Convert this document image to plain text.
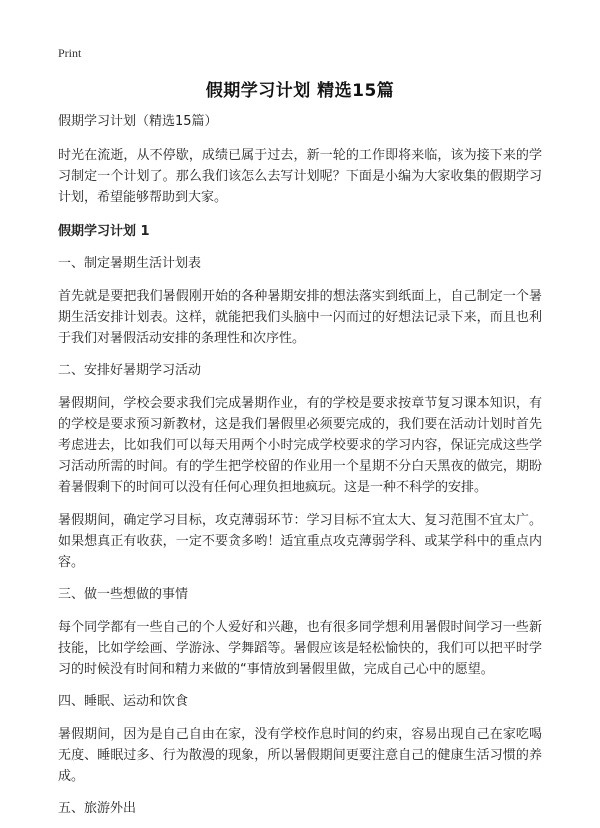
Print
假期学习计划 精选15篇
假期学习计划（精选15篇）
时光在流逝，从不停歇，成绩已属于过去，新一轮的工作即将来临，该为接下来的学习制定一个计划了。那么我们该怎么去写计划呢？下面是小编为大家收集的假期学习计划，希望能够帮助到大家。
假期学习计划 1
一、制定暑期生活计划表
首先就是要把我们暑假刚开始的各种暑期安排的想法落实到纸面上，自己制定一个暑期生活安排计划表。这样，就能把我们头脑中一闪而过的好想法记录下来，而且也利于我们对暑假活动安排的条理性和次序性。
二、安排好暑期学习活动
暑假期间，学校会要求我们完成暑期作业，有的学校是要求按章节复习课本知识，有的学校是要求预习新教材，这是我们暑假里必须要完成的，我们要在活动计划时首先考虑进去，比如我们可以每天用两个小时完成学校要求的学习内容，保证完成这些学习活动所需的时间。有的学生把学校留的作业用一个星期不分白天黑夜的做完，期盼着暑假剩下的时间可以没有任何心理负担地疯玩。这是一种不科学的安排。
暑假期间，确定学习目标，攻克薄弱环节：学习目标不宜太大、复习范围不宜太广。如果想真正有收获，一定不要贪多哟！适宜重点攻克薄弱学科、或某学科中的重点内容。
三、做一些想做的事情
每个同学都有一些自己的个人爱好和兴趣，也有很多同学想利用暑假时间学习一些新技能，比如学绘画、学游泳、学舞蹈等。暑假应该是轻松愉快的，我们可以把平时学习的时候没有时间和精力来做的“事情放到暑假里做，完成自己心中的愿望。
四、睡眠、运动和饮食
暑假期间，因为是自己自由在家，没有学校作息时间的约束，容易出现自己在家吃喝无度、睡眠过多、行为散漫的现象，所以暑假期间更要注意自己的健康生活习惯的养成。
五、旅游外出
